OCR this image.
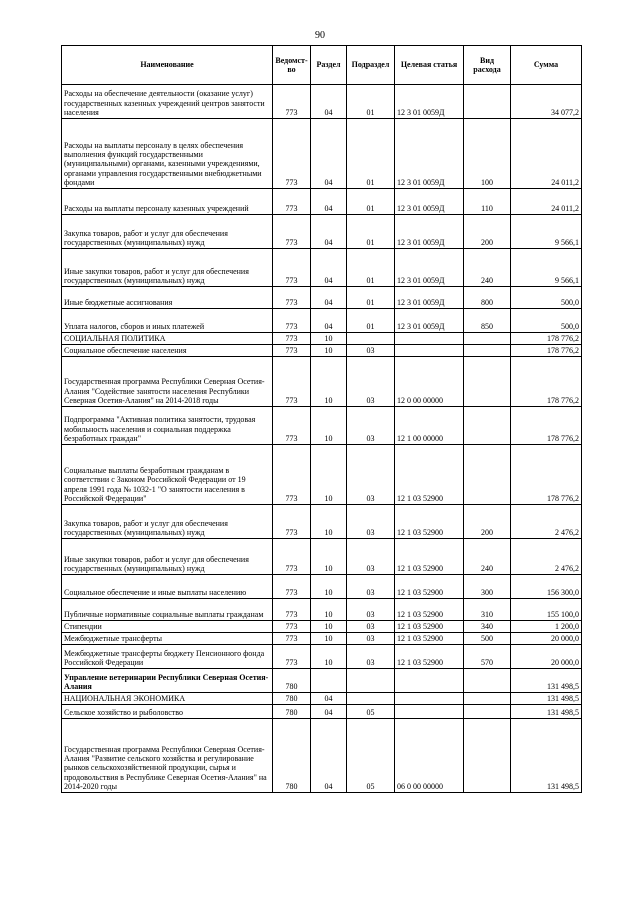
90
Наименование	Ведомст-во	Раздел	Подраздел	Целевая статья	Вид расхода	Сумма
Расходы на обеспечение деятельности (оказание услуг) государственных казенных учреждений центров занятости населения	773	04	01	12 3 01 0059Д		34 077,2
Расходы на выплаты персоналу в целях обеспечения выполнения функций государственными (муниципальными) органами, казенными учреждениями, органами управления государственными внебюджетными фондами	773	04	01	12 3 01 0059Д	100	24 011,2
Расходы на выплаты персоналу казенных учреждений	773	04	01	12 3 01 0059Д	110	24 011,2
Закупка товаров, работ и услуг для обеспечения государственных (муниципальных) нужд	773	04	01	12 3 01 0059Д	200	9 566,1
Иные закупки товаров, работ и услуг для обеспечения государственных (муниципальных) нужд	773	04	01	12 3 01 0059Д	240	9 566,1
Иные бюджетные ассигнования	773	04	01	12 3 01 0059Д	800	500,0
Уплата налогов, сборов и иных платежей	773	04	01	12 3 01 0059Д	850	500,0
СОЦИАЛЬНАЯ ПОЛИТИКА	773	10				178 776,2
Социальное обеспечение населения	773	10	03			178 776,2
Государственная программа Республики Северная Осетия-Алания "Содействие занятости населения Республики Северная Осетия-Алания" на 2014-2018 годы	773	10	03	12 0 00 00000		178 776,2
Подпрограмма "Активная политика занятости, трудовая мобильность населения и социальная поддержка безработных граждан"	773	10	03	12 1 00 00000		178 776,2
Социальные выплаты безработным гражданам в соответствии с Законом Российской Федерации от 19 апреля 1991 года № 1032-1 "О занятости населения в Российской Федерации"	773	10	03	12 1 03 52900		178 776,2
Закупка товаров, работ и услуг для обеспечения государственных (муниципальных) нужд	773	10	03	12 1 03 52900	200	2 476,2
Иные закупки товаров, работ и услуг для обеспечения государственных (муниципальных) нужд	773	10	03	12 1 03 52900	240	2 476,2
Социальное обеспечение и иные выплаты населению	773	10	03	12 1 03 52900	300	156 300,0
Публичные нормативные социальные выплаты гражданам	773	10	03	12 1 03 52900	310	155 100,0
Стипендии	773	10	03	12 1 03 52900	340	1 200,0
Межбюджетные трансферты	773	10	03	12 1 03 52900	500	20 000,0
Межбюджетные трансферты бюджету Пенсионного фонда Российской Федерации	773	10	03	12 1 03 52900	570	20 000,0
Управление ветеринарии Республики Северная Осетия-Алания	780					131 498,5
НАЦИОНАЛЬНАЯ ЭКОНОМИКА	780	04				131 498,5
Сельское хозяйство и рыболовство	780	04	05			131 498,5
Государственная программа Республики Северная Осетия-Алания "Развитие сельского хозяйства и регулирование рынков сельскохозяйственной продукции, сырья и продовольствия в Республике Северная Осетия-Алания" на 2014-2020 годы	780	04	05	06 0 00 00000		131 498,5
